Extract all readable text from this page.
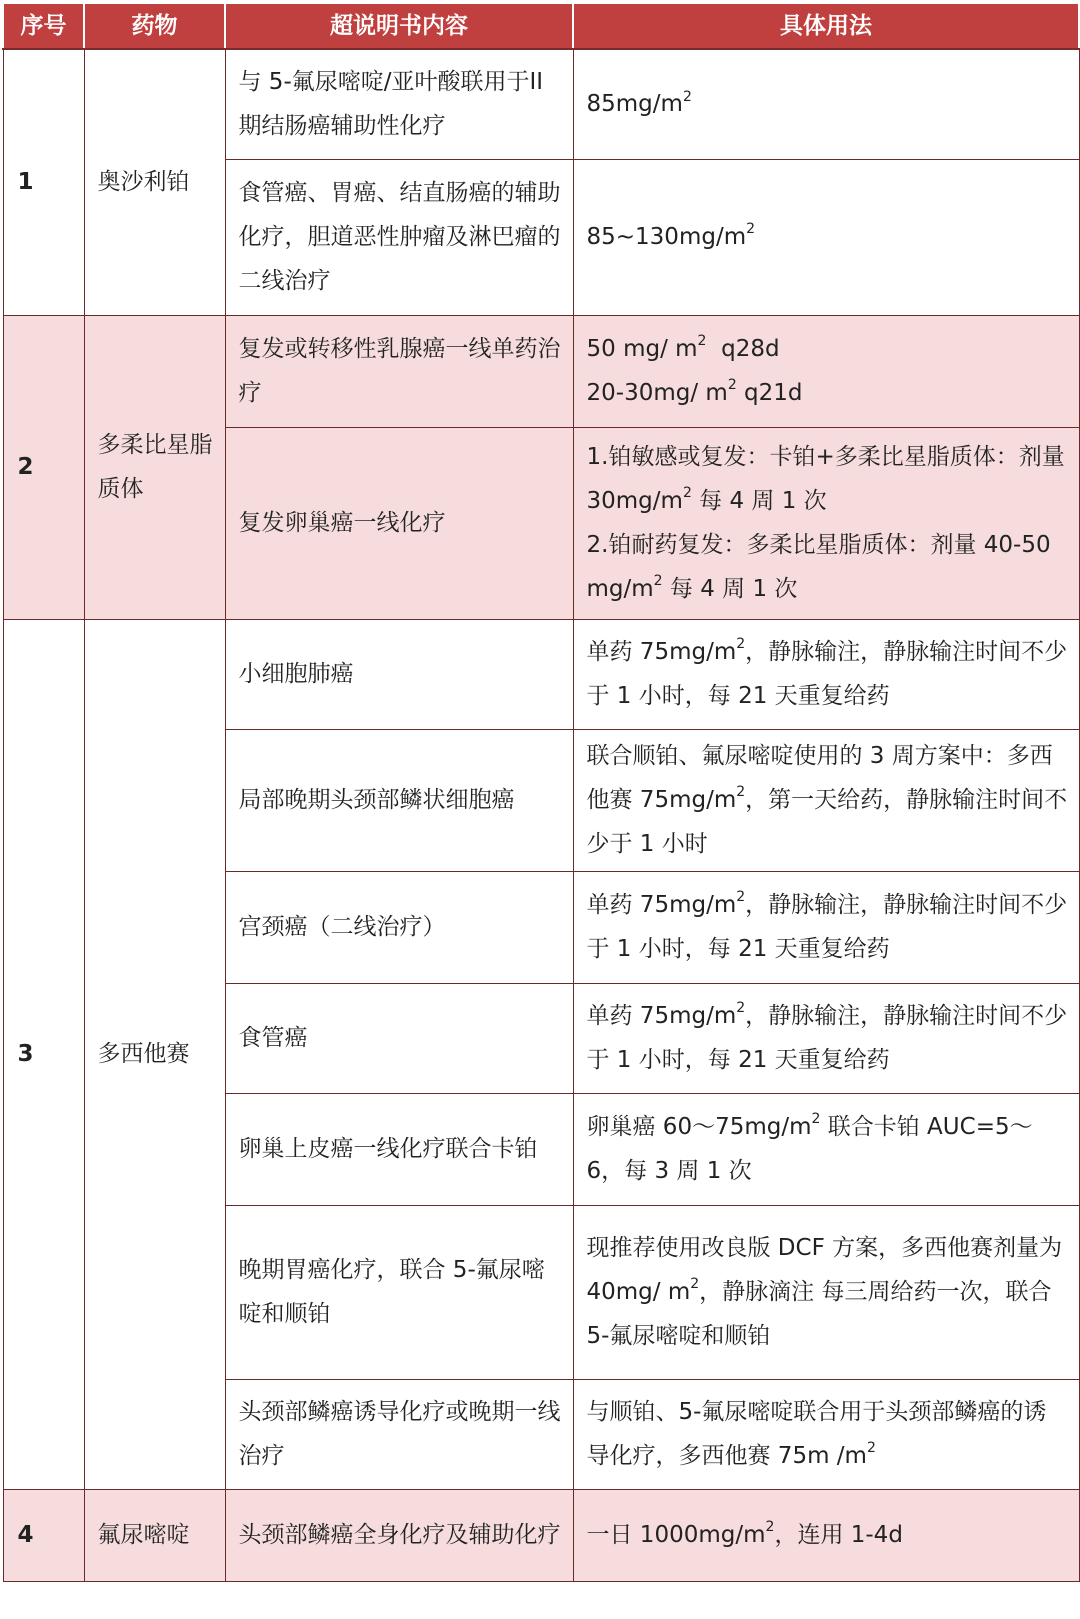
序号	药物	超说明书内容	具体用法
1	奥沙利铂	与 5-氟尿嘧啶/亚叶酸联用于II期结肠癌辅助性化疗	$85mg/m^2$

		食管癌、胃癌、结直肠癌的辅助化疗，胆道恶性肿瘤及淋巴瘤的二线治疗	$85\sim 130mg/m^2$
2	多柔比星脂质体	复发或转移性乳腺癌一线单药治疗	50 mg/ $m^2$  q28d
20-30mg/ $m^2$ q21d

		复发卵巢癌一线化疗	1.铂敏感或复发：卡铂+多柔比星脂质体：剂量 $30mg/m^2$ 每 4 周 1 次
2.铂耐药复发：多柔比星脂质体：剂量 $40-50mg/m^2$ 每 4 周 1 次

3	多西他赛	小细胞肺癌	单药 $75mg/m^2$，静脉输注，静脉输注时间不少于 1 小时，每 21 天重复给药
		局部晚期头颈部鳞状细胞癌	联合顺铂、氟尿嘧啶使用的 3 周方案中：多西他赛 $75mg/m^2$，第一天给药，静脉输注时间不少于 1 小时
		宫颈癌（二线治疗）	单药 $75mg/m^2$，静脉输注，静脉输注时间不少于 1 小时，每 21 天重复给药
		食管癌	单药 $75mg/m^2$，静脉输注，静脉输注时间不少于 1 小时，每 21 天重复给药
		卵巢上皮癌一线化疗联合卡铂	卵巢癌 $60\sim 75mg/m^2$ 联合卡铂 AUC=5～6，每 3 周 1 次
		晚期胃癌化疗，联合 5-氟尿嘧啶和顺铂	现推荐使用改良版 DCF 方案，多西他赛剂量为 40mg/ $m^2$，静脉滴注 每三周给药一次，联合 5-氟尿嘧啶和顺铂
		头颈部鳞癌诱导化疗或晚期一线治疗	与顺铂、5-氟尿嘧啶联合用于头颈部鳞癌的诱导化疗，多西他赛 75m $/m^2$
4	氟尿嘧啶	头颈部鳞癌全身化疗及辅助化疗	一日 $1000mg/m^2$，连用 1-4d
